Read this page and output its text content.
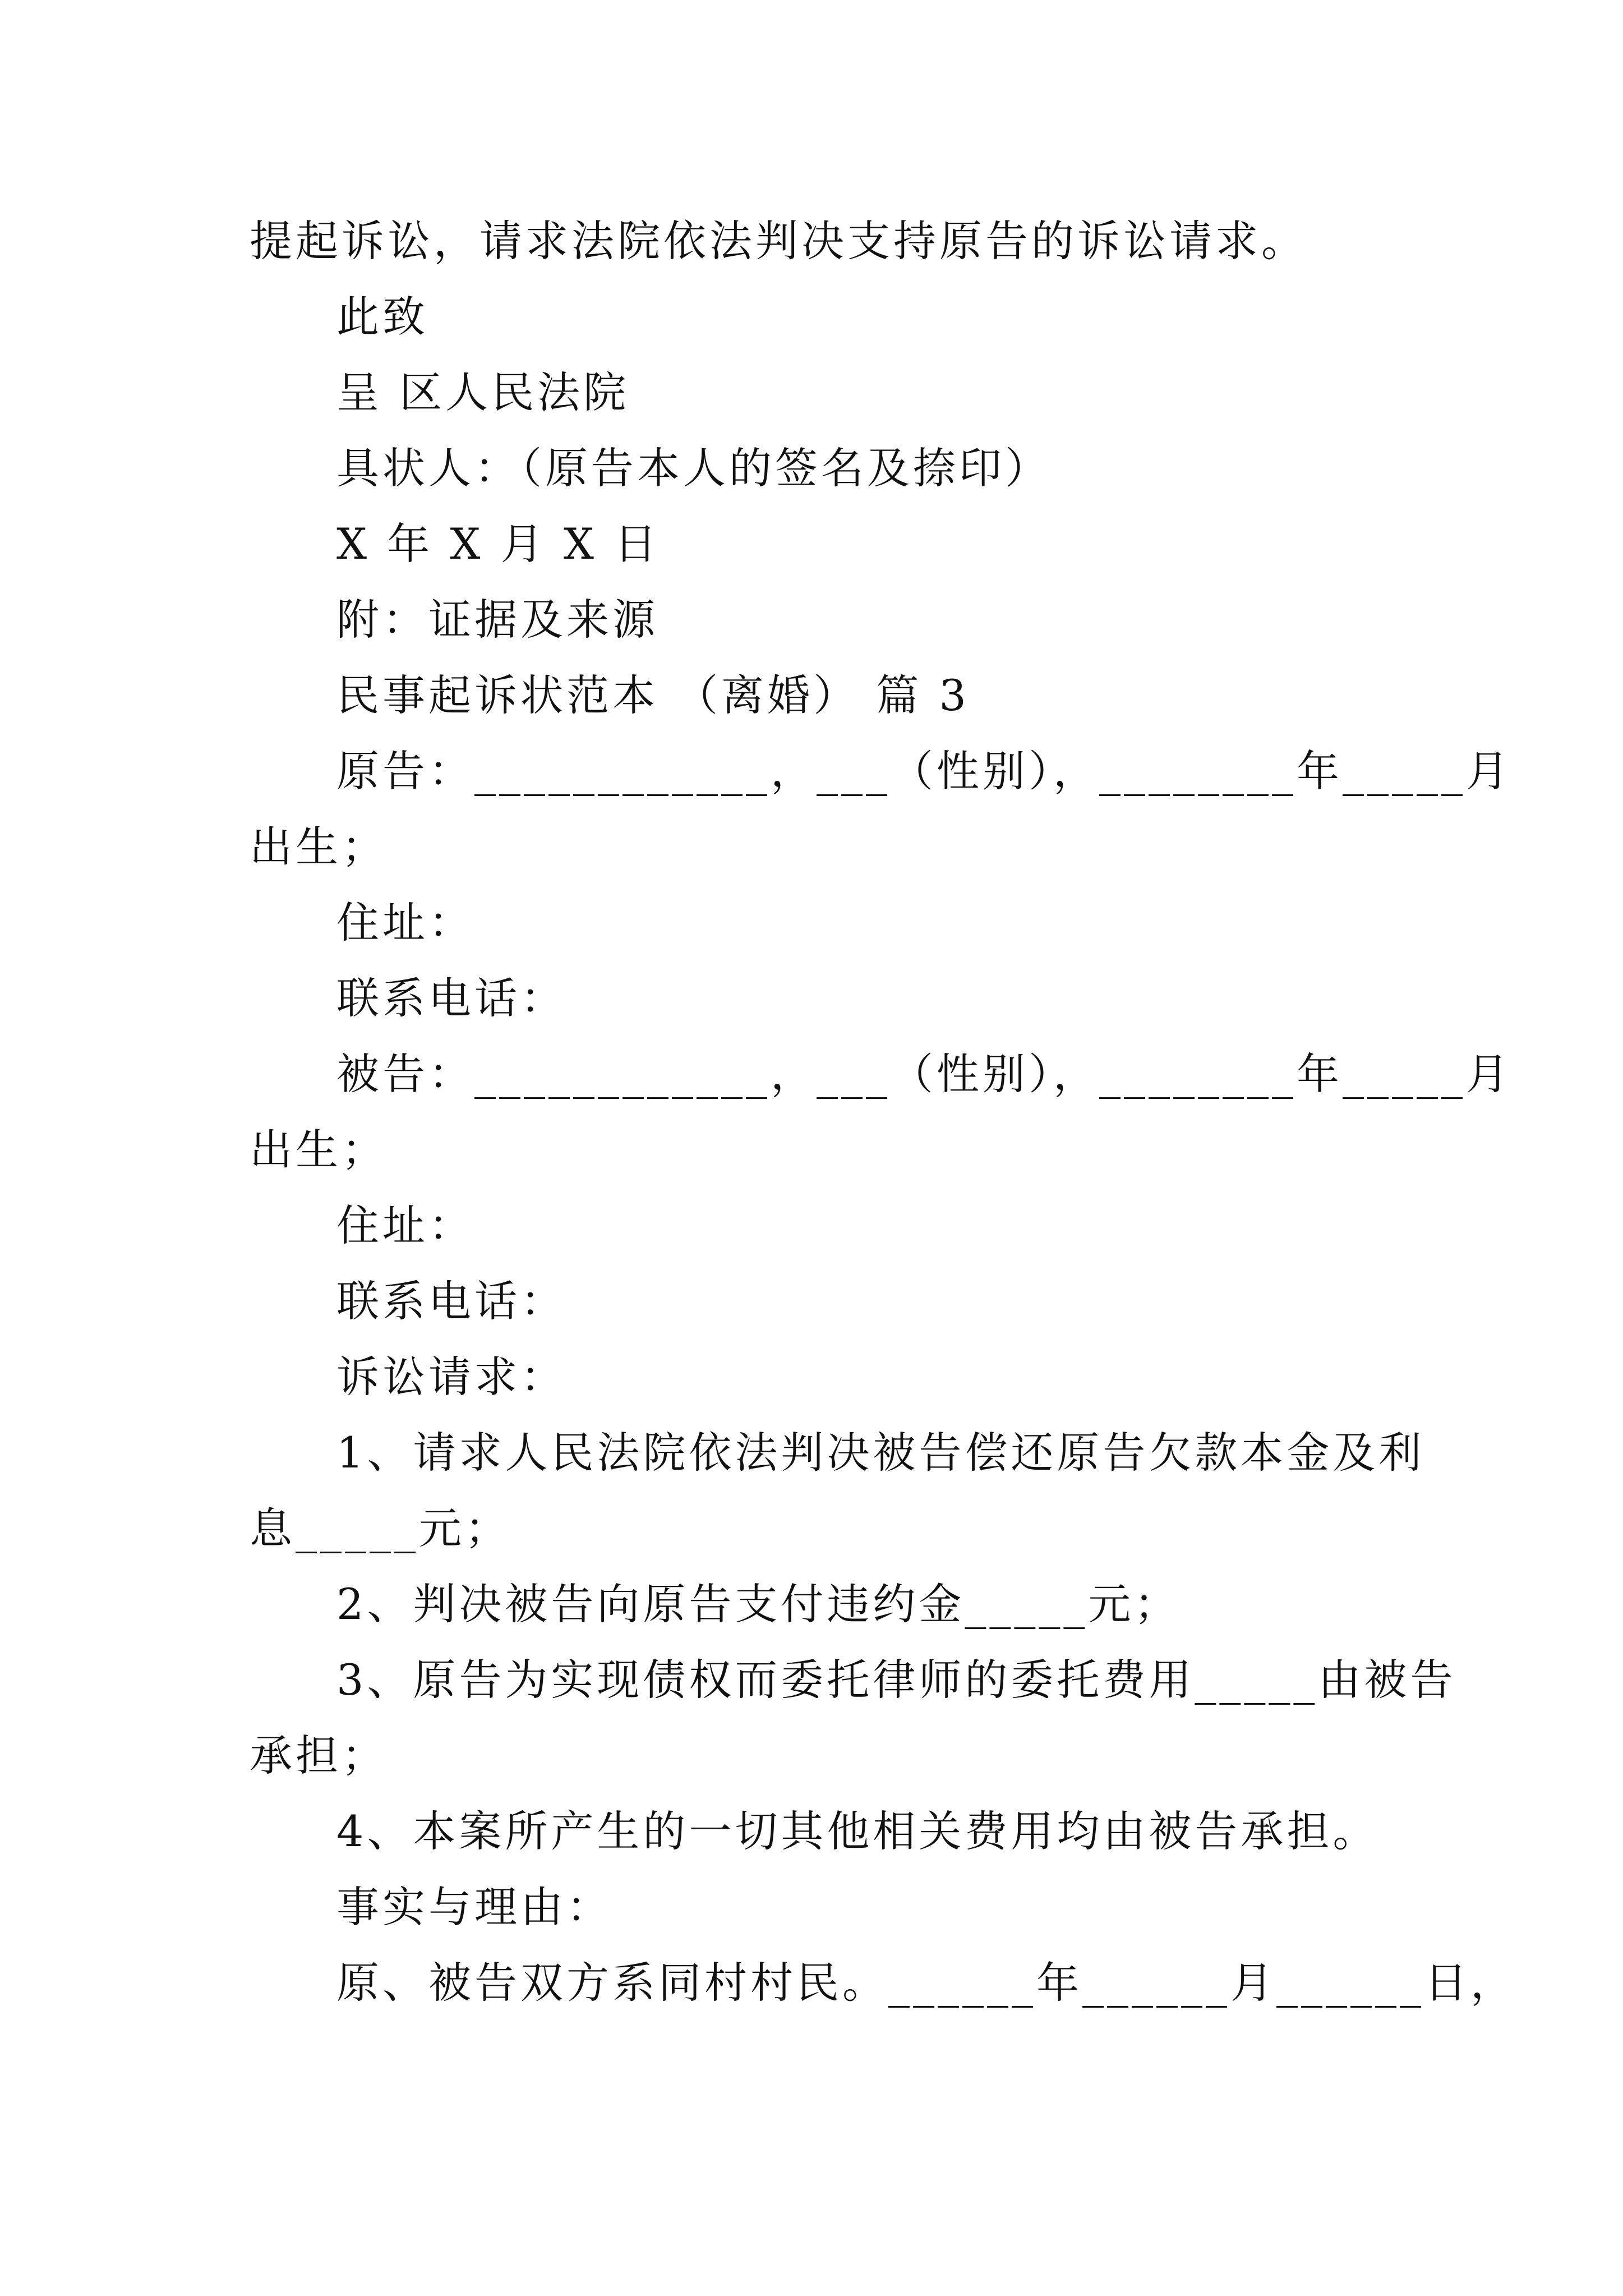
提起诉讼，请求法院依法判决支持原告的诉讼请求。
此致
呈 区人民法院
具状人：（原告本人的签名及捺印）
X 年 X 月 X 日
附：证据及来源
民事起诉状范本 （离婚） 篇 3
原告：____________，___（性别），________年_____月
出生；
住址：
联系电话：
被告：____________，___（性别），________年_____月
出生；
住址：
联系电话：
诉讼请求：
1、请求人民法院依法判决被告偿还原告欠款本金及利
息_____元；
2、判决被告向原告支付违约金_____元；
3、原告为实现债权而委托律师的委托费用_____由被告
承担；
4、本案所产生的一切其他相关费用均由被告承担。
事实与理由：
原、被告双方系同村村民。______年______月______日，
